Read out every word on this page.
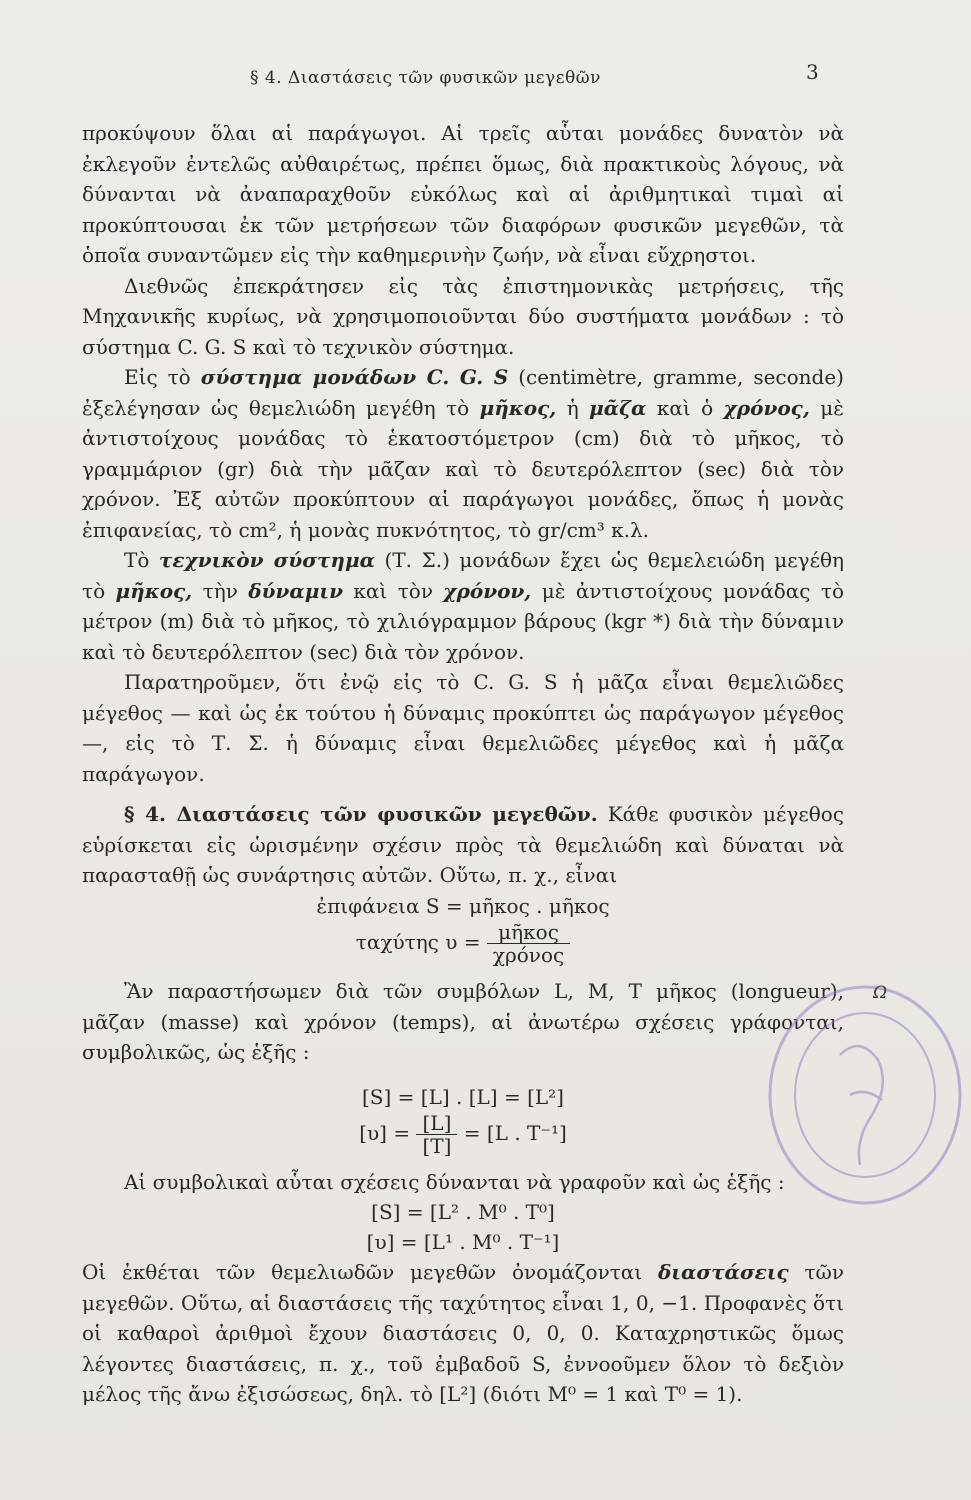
§ 4. Διαστάσεις τῶν φυσικῶν μεγεθῶν	3

προκύψουν ὅλαι αἱ παράγωγοι. Αἱ τρεῖς αὗται μονάδες δυνατὸν νὰ ἐκλεγοῦν ἐντελῶς αὐθαιρέτως, πρέπει ὅμως, διὰ πρακτικοὺς λόγους, νὰ δύνανται νὰ ἀναπαραχθοῦν εὐκόλως καὶ αἱ ἀριθμητικαὶ τιμαὶ αἱ προκύπτουσαι ἐκ τῶν μετρήσεων τῶν διαφόρων φυσικῶν μεγεθῶν, τὰ ὁποῖα συναντῶμεν εἰς τὴν καθημερινὴν ζωήν, νὰ εἶναι εὔχρηστοι.

Διεθνῶς ἐπεκράτησεν εἰς τὰς ἐπιστημονικὰς μετρήσεις, τῆς Μηχανικῆς κυρίως, νὰ χρησιμοποιοῦνται δύο συστήματα μονάδων : τὸ σύστημα C. G. S καὶ τὸ τεχνικὸν σύστημα.

Εἰς τὸ σύστημα μονάδων C. G. S (centimètre, gramme, seconde) ἐξελέγησαν ὡς θεμελιώδη μεγέθη τὸ μῆκος, ἡ μᾶζα καὶ ὁ χρόνος, μὲ ἀντιστοίχους μονάδας τὸ ἑκατοστόμετρον (cm) διὰ τὸ μῆκος, τὸ γραμμάριον (gr) διὰ τὴν μᾶζαν καὶ τὸ δευτερόλεπτον (sec) διὰ τὸν χρόνον. Ἐξ αὐτῶν προκύπτουν αἱ παράγωγοι μονάδες, ὅπως ἡ μονὰς ἐπιφανείας, τὸ cm², ἡ μονὰς πυκνότητος, τὸ gr/cm³ κ.λ.

Τὸ τεχνικὸν σύστημα (Τ. Σ.) μονάδων ἔχει ὡς θεμελειώδη μεγέθη τὸ μῆκος, τὴν δύναμιν καὶ τὸν χρόνον, μὲ ἀντιστοίχους μονάδας τὸ μέτρον (m) διὰ τὸ μῆκος, τὸ χιλιόγραμμον βάρους (kgr *) διὰ τὴν δύναμιν καὶ τὸ δευτερόλεπτον (sec) διὰ τὸν χρόνον.

Παρατηροῦμεν, ὅτι ἐνῷ εἰς τὸ C. G. S ἡ μᾶζα εἶναι θεμελιῶδες μέγεθος — καὶ ὡς ἐκ τούτου ἡ δύναμις προκύπτει ὡς παράγωγον μέγεθος —, εἰς τὸ Τ. Σ. ἡ δύναμις εἶναι θεμελιῶδες μέγεθος καὶ ἡ μᾶζα παράγωγον.

§ 4. Διαστάσεις τῶν φυσικῶν μεγεθῶν. Κάθε φυσικὸν μέγεθος εὑρίσκεται εἰς ὡρισμένην σχέσιν πρὸς τὰ θεμελιώδη καὶ δύναται νὰ παρασταθῇ ὡς συνάρτησις αὐτῶν. Οὕτω, π. χ., εἶναι

ἐπιφάνεια S = μῆκος . μῆκος

ταχύτης $\upsilon = \frac{\text{μῆκος}}{\text{χρόνος}}$

Ἂν παραστήσωμεν διὰ τῶν συμβόλων L, M, T μῆκος (longueur), μᾶζαν (masse) καὶ χρόνον (temps), αἱ ἀνωτέρω σχέσεις γράφονται, συμβολικῶς, ὡς ἑξῆς :

[S] = [L] . [L] = [L²]
$[\upsilon] = \frac{[L]}{[T]} = [L$ . T⁻¹]

Αἱ συμβολικαὶ αὗται σχέσεις δύνανται νὰ γραφοῦν καὶ ὡς ἑξῆς :

[S] = [L² . M⁰ . T⁰]
[υ] = [L¹ . M⁰ . T⁻¹]

Οἱ ἐκθέται τῶν θεμελιωδῶν μεγεθῶν ὀνομάζονται διαστάσεις τῶν μεγεθῶν. Οὕτω, αἱ διαστάσεις τῆς ταχύτητος εἶναι 1, 0, −1. Προφανὲς ὅτι οἱ καθαροὶ ἀριθμοὶ ἔχουν διαστάσεις 0, 0, 0. Καταχρηστικῶς ὅμως λέγοντες διαστάσεις, π. χ., τοῦ ἐμβαδοῦ S, ἐννοοῦμεν ὅλον τὸ δεξιὸν μέλος τῆς ἄνω ἐξισώσεως, δηλ. τὸ [L²] (διότι M⁰ = 1 καὶ T⁰ = 1).

Ω
